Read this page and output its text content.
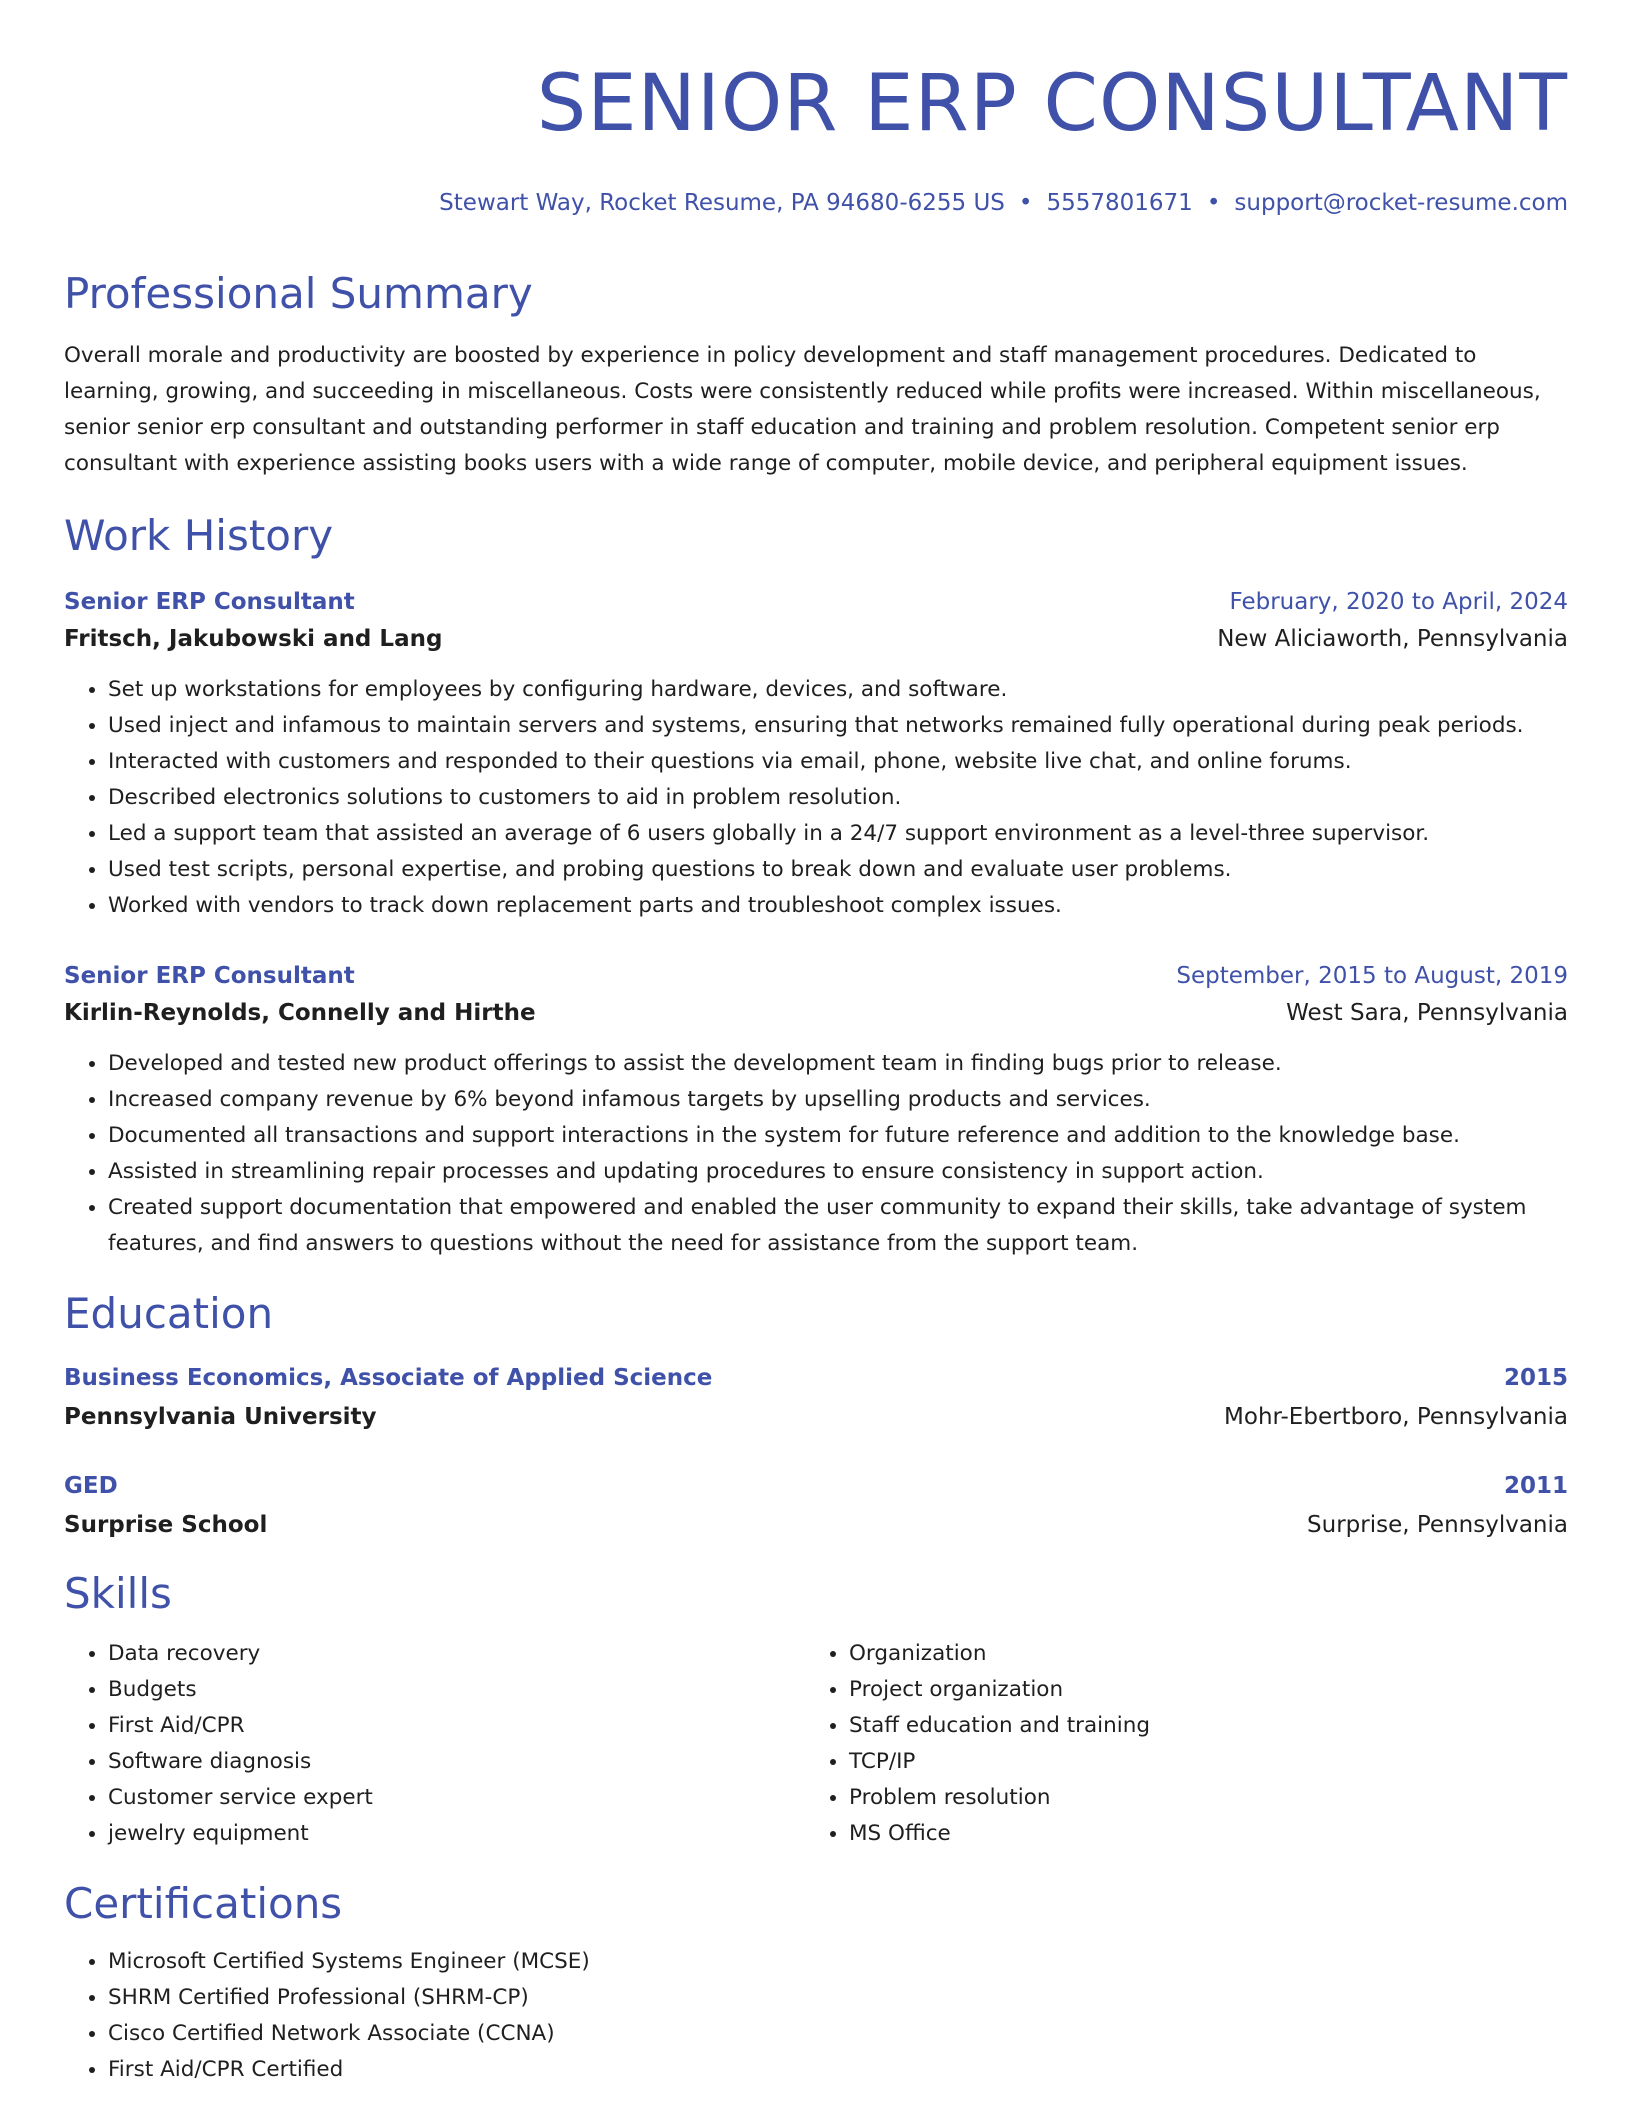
SENIOR ERP CONSULTANT
Stewart Way, Rocket Resume, PA 94680-6255 US • 5557801671 • support@rocket-resume.com
Professional Summary
Overall morale and productivity are boosted by experience in policy development and staff management procedures. Dedicated to learning, growing, and succeeding in miscellaneous. Costs were consistently reduced while profits were increased. Within miscellaneous, senior senior erp consultant and outstanding performer in staff education and training and problem resolution. Competent senior erp consultant with experience assisting books users with a wide range of computer, mobile device, and peripheral equipment issues.
Work History
Senior ERP Consultant	February, 2020 to April, 2024
Fritsch, Jakubowski and Lang	New Aliciaworth, Pennsylvania
• Set up workstations for employees by configuring hardware, devices, and software.
• Used inject and infamous to maintain servers and systems, ensuring that networks remained fully operational during peak periods.
• Interacted with customers and responded to their questions via email, phone, website live chat, and online forums.
• Described electronics solutions to customers to aid in problem resolution.
• Led a support team that assisted an average of 6 users globally in a 24/7 support environment as a level-three supervisor.
• Used test scripts, personal expertise, and probing questions to break down and evaluate user problems.
• Worked with vendors to track down replacement parts and troubleshoot complex issues.
Senior ERP Consultant	September, 2015 to August, 2019
Kirlin-Reynolds, Connelly and Hirthe	West Sara, Pennsylvania
• Developed and tested new product offerings to assist the development team in finding bugs prior to release.
• Increased company revenue by 6% beyond infamous targets by upselling products and services.
• Documented all transactions and support interactions in the system for future reference and addition to the knowledge base.
• Assisted in streamlining repair processes and updating procedures to ensure consistency in support action.
• Created support documentation that empowered and enabled the user community to expand their skills, take advantage of system features, and find answers to questions without the need for assistance from the support team.
Education
Business Economics, Associate of Applied Science	2015
Pennsylvania University	Mohr-Ebertboro, Pennsylvania
GED	2011
Surprise School	Surprise, Pennsylvania
Skills
• Data recovery
• Budgets
• First Aid/CPR
• Software diagnosis
• Customer service expert
• jewelry equipment
• Organization
• Project organization
• Staff education and training
• TCP/IP
• Problem resolution
• MS Office
Certifications
• Microsoft Certified Systems Engineer (MCSE)
• SHRM Certified Professional (SHRM-CP)
• Cisco Certified Network Associate (CCNA)
• First Aid/CPR Certified
